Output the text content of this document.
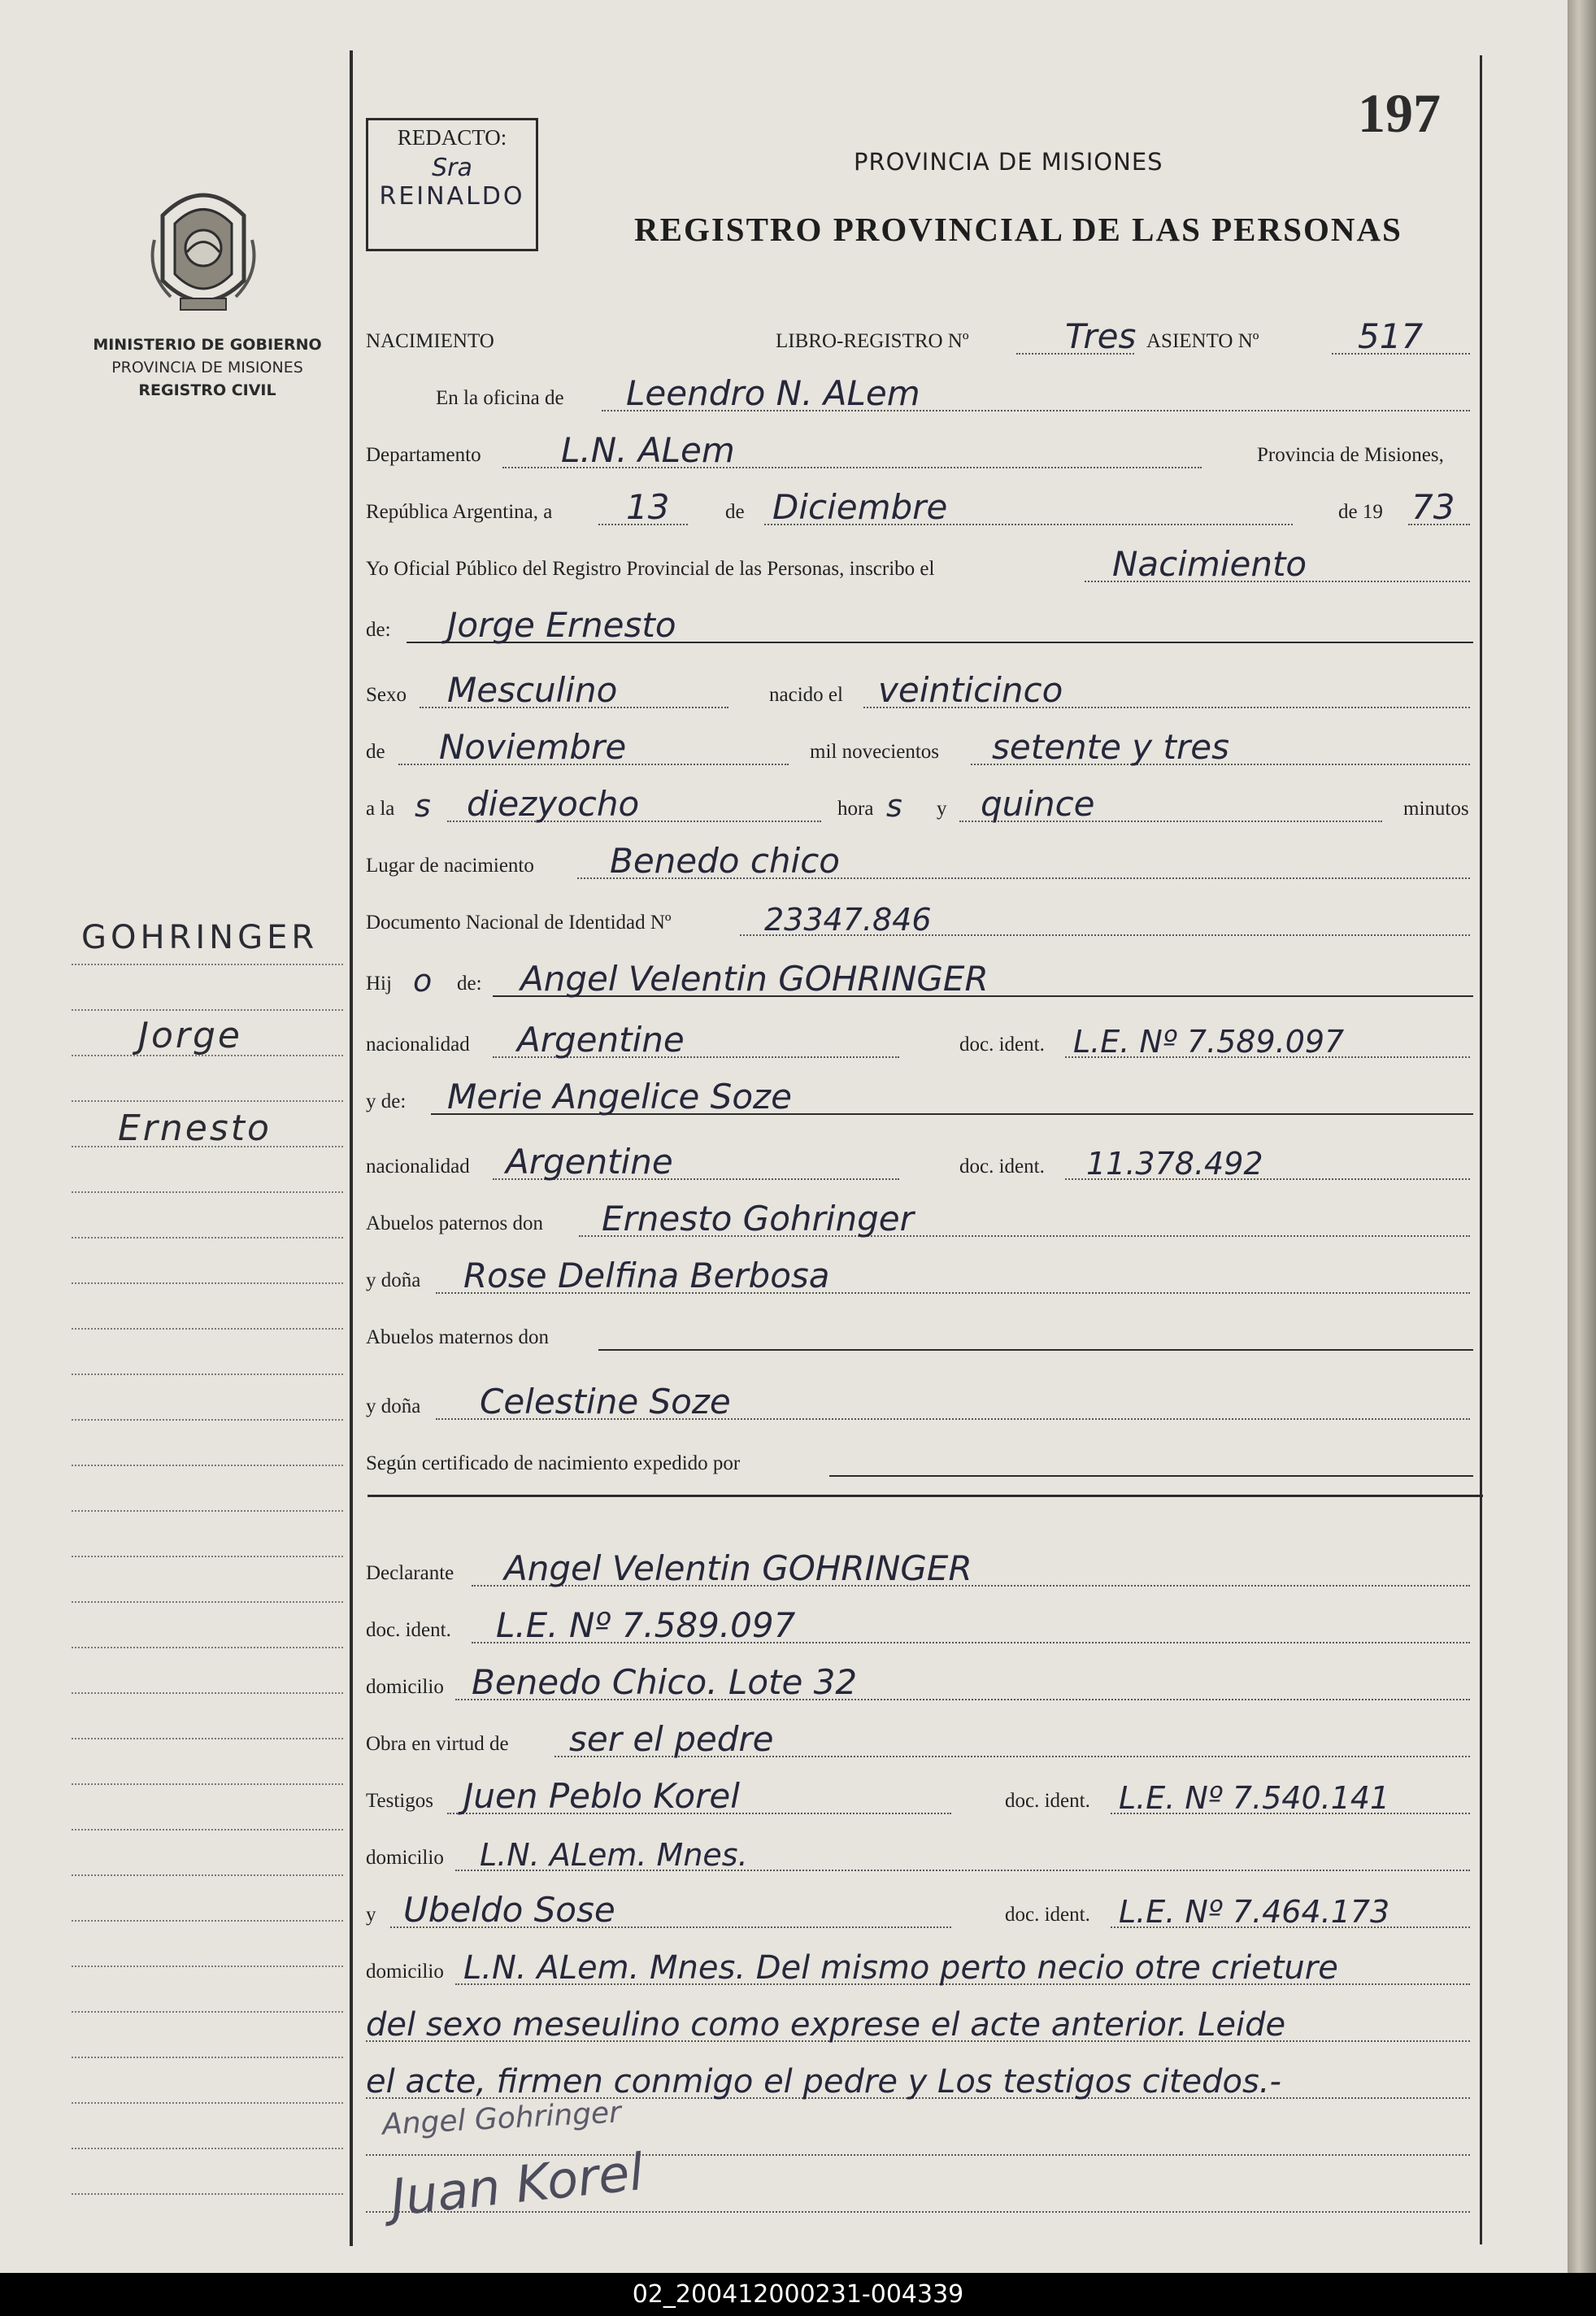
MINISTERIO DE GOBIERNO
PROVINCIA DE MISIONES
REGISTRO CIVIL
GOHRINGER
Jorge
Ernesto
REDACTO:
Sra
REINALDO
197
PROVINCIA DE MISIONES
REGISTRO PROVINCIAL DE LAS PERSONAS
NACIMIENTO	LIBRO-REGISTRO Nº	Tres ASIENTO Nº	517
En la oficina de Leendro N. ALem
Departamento L.N. ALem	Provincia de Misiones,
República Argentina, a 13	de Diciembre	de 19 73
Yo Oficial Público del Registro Provincial de las Personas, inscribo el	Nacimiento
de: Jorge Ernesto
Sexo Mesculino	nacido el veinticinco
de Noviembre	mil novecientos setente y tres
a la s diezyocho	hora s y quince	minutos
Lugar de nacimiento Benedo chico
Documento Nacional de Identidad Nº	23347.846
Hij o de: Angel Velentin GOHRINGER
nacionalidad Argentine	doc. ident. L.E. Nº 7.589.097
y de: Merie Angelice Soze
nacionalidad Argentine	doc. ident. 11.378.492
Abuelos paternos don Ernesto Gohringer
y doña Rose Delfina Berbosa
Abuelos maternos don
y doña Celestine Soze
Según certificado de nacimiento expedido por
Declarante Angel Velentin GOHRINGER
doc. ident. L.E. Nº 7.589.097
domicilio Benedo Chico. Lote 32
Obra en virtud de ser el pedre
Testigos Juen Peblo Korel	doc. ident. L.E. Nº 7.540.141
domicilio L.N. ALem. Mnes.
y Ubeldo Sose	doc. ident. L.E. Nº 7.464.173
domicilio L.N. ALem. Mnes. Del mismo perto necio otre crieture
del sexo meseulino como exprese el acte anterior. Leide
el acte, firmen conmigo el pedre y Los testigos citedos.-
Angel Gohringer
Juan Korel
02_200412000231-004339
